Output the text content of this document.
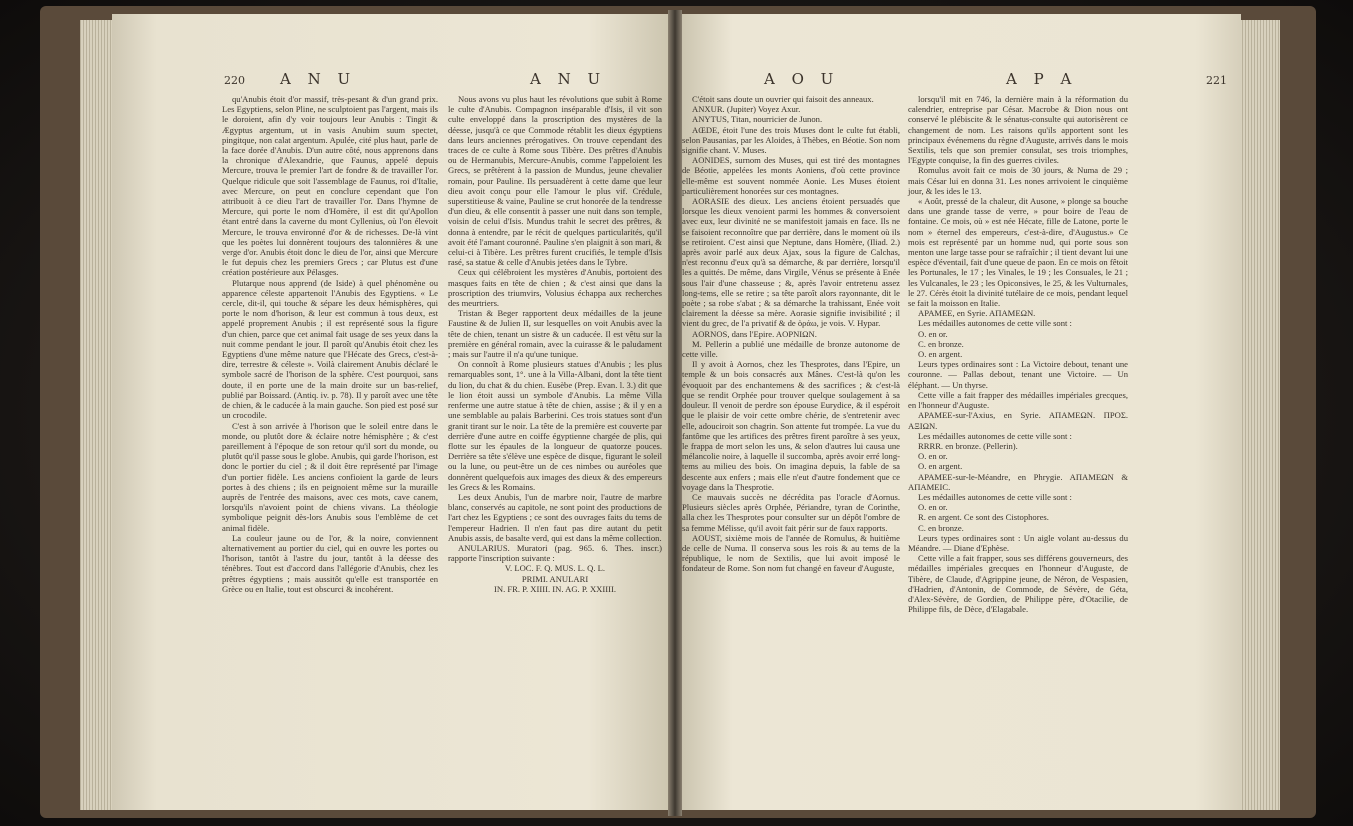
220 A N U	A N U

qu'Anubis étoit d'or massif, très-pesant & d'un grand prix. Les Egyptiens, selon Pline, ne sculptoient pas l'argent, mais ils le doroient, afin d'y voir toujours leur Anubis : Tingit & Ægyptus argentum, ut in vasis Anubim suum spectet, pingitque, non calat argentum. Apulée, cité plus haut, parle de la face dorée d'Anubis. D'un autre côté, nous apprenons dans la chronique d'Alexandrie, que Faunus, appelé depuis Mercure, trouva le premier l'art de fondre & de travailler l'or. Quelque ridicule que soit l'assemblage de Faunus, roi d'Italie, avec Mercure, on peut en conclure cependant que l'on attribuoit à ce dieu l'art de travailler l'or. Dans l'hymne de Mercure, qui porte le nom d'Homère, il est dit qu'Apollon étant entré dans la caverne du mont Cyllenius, où l'on élevoit Mercure, le trouva environné d'or & de richesses. De-là vint que les poètes lui donnèrent toujours des talonnières & une verge d'or. Anubis étoit donc le dieu de l'or, ainsi que Mercure le fut depuis chez les premiers Grecs ; car Plutus est d'une création postérieure aux Pélasges.

Plutarque nous apprend (de Iside) à quel phénomène ou apparence céleste appartenoit l'Anubis des Egyptiens. « Le cercle, dit-il, qui touche & sépare les deux hémisphères, qui porte le nom d'horison, & leur est commun à tous deux, est appelé proprement Anubis ; il est représenté sous la figure d'un chien, parce que cet animal fait usage de ses yeux dans la nuit comme pendant le jour. Il paroît qu'Anubis étoit chez les Egyptiens d'une même nature que l'Hécate des Grecs, c'est-à-dire, terrestre & céleste ». Voilà clairement Anubis déclaré le symbole sacré de l'horison de la sphère. C'est pourquoi, sans doute, il en porte une de la main droite sur un bas-relief, publié par Boissard. (Antiq. iv. p. 78). Il y paroît avec une tête de chien, & le caducée à la main gauche. Son pied est posé sur un crocodile.

C'est à son arrivée à l'horison que le soleil entre dans le monde, ou plutôt dore & éclaire notre hémisphère ; & c'est pareillement à l'époque de son retour qu'il sort du monde, ou plutôt qu'il passe sous le globe. Anubis, qui garde l'horison, est donc le portier du ciel ; & il doit être représenté par l'image d'un portier fidèle. Les anciens confioient la garde de leurs portes à des chiens ; ils en peignoient même sur la muraille auprès de l'entrée des maisons, avec ces mots, cave canem, lorsqu'ils n'avoient point de chiens vivans. La théologie symbolique peignit dès-lors Anubis sous l'emblème de cet animal fidèle.

La couleur jaune ou de l'or, & la noire, conviennent alternativement au portier du ciel, qui en ouvre les portes ou l'horison, tantôt à l'astre du jour, tantôt à la déesse des ténèbres. Tout est d'accord dans l'allégorie d'Anubis, chez les prêtres égyptiens ; mais aussitôt qu'elle est transportée en Grèce ou en Italie, tout est obscurci & incohérent.

Nous avons vu plus haut les révolutions que subit à Rome le culte d'Anubis. Compagnon inséparable d'Isis, il vit son culte enveloppé dans la proscription des mystères de la déesse, jusqu'à ce que Commode rétablit les dieux égyptiens dans leurs anciennes prérogatives. On trouve cependant des traces de ce culte à Rome sous Tibère. Des prêtres d'Anubis ou de Hermanubis, Mercure-Anubis, comme l'appeloient les Grecs, se prêtèrent à la passion de Mundus, jeune chevalier romain, pour Pauline. Ils persuadèrent à cette dame que leur dieu avoit conçu pour elle l'amour le plus vif. Crédule, superstitieuse & vaine, Pauline se crut honorée de la tendresse d'un dieu, & elle consentit à passer une nuit dans son temple, voisin de celui d'Isis. Mundus trahit le secret des prêtres, & donna à entendre, par le récit de quelques particularités, qu'il avoit été l'amant couronné. Pauline s'en plaignit à son mari, & celui-ci à Tibère. Les prêtres furent crucifiés, le temple d'Isis rasé, sa statue & celle d'Anubis jetées dans le Tybre.

Ceux qui célébroient les mystères d'Anubis, portoient des masques faits en tête de chien ; & c'est ainsi que dans la proscription des triumvirs, Volusius échappa aux recherches des meurtriers.

Tristan & Beger rapportent deux médailles de la jeune Faustine & de Julien II, sur lesquelles on voit Anubis avec la tête de chien, tenant un sistre & un caducée. Il est vêtu sur la première en général romain, avec la cuirasse & le paludament ; mais sur l'autre il n'a qu'une tunique.

On connoît à Rome plusieurs statues d'Anubis ; les plus remarquables sont, 1°. une à la Villa-Albani, dont la tête tient du lion, du chat & du chien. Eusèbe (Prep. Evan. l. 3.) dit que le lion étoit aussi un symbole d'Anubis. La même Villa renferme une autre statue à tête de chien, assise ; & il y en a une semblable au palais Barberini. Ces trois statues sont d'un granit tirant sur le noir. La tête de la première est couverte par derrière d'une autre en coiffe égyptienne chargée de plis, qui flotte sur les épaules de la longueur de quatorze pouces. Derrière sa tête s'élève une espèce de disque, figurant le soleil ou la lune, ou peut-être un de ces nimbes ou auréoles que donnèrent quelquefois aux images des dieux & des empereurs les Grecs & les Romains.

Les deux Anubis, l'un de marbre noir, l'autre de marbre blanc, conservés au capitole, ne sont point des productions de l'art chez les Egyptiens ; ce sont des ouvrages faits du tems de l'empereur Hadrien. Il n'en faut pas dire autant du petit Anubis assis, de basalte verd, qui est dans la même collection.

ANULARIUS. Muratori (pag. 965. 6. Thes. inscr.) rapporte l'inscription suivante :

V. LOC. F. Q. MUS. L. Q. L.

PRIMI. ANULARI

IN. FR. P. XIIII. IN. AG. P. XXIIII.

A O U	A P A	221

C'étoit sans doute un ouvrier qui faisoit des anneaux.

ANXUR. (Jupiter) Voyez Axur.

ANYTUS, Titan, nourricier de Junon.

AŒDE, étoit l'une des trois Muses dont le culte fut établi, selon Pausanias, par les Aloides, à Thèbes, en Béotie. Son nom signifie chant. V. Muses.

AONIDES, surnom des Muses, qui est tiré des montagnes de Béotie, appelées les monts Aoniens, d'où cette province elle-même est souvent nommée Aonie. Les Muses étoient particulièrement honorées sur ces montagnes.

AORASIE des dieux. Les anciens étoient persuadés que lorsque les dieux venoient parmi les hommes & conversoient avec eux, leur divinité ne se manifestoit jamais en face. Ils ne se faisoient reconnoître que par derrière, dans le moment où ils se retiroient. C'est ainsi que Neptune, dans Homère, (Iliad. 2.) après avoir parlé aux deux Ajax, sous la figure de Calchas, n'est reconnu d'eux qu'à sa démarche, & par derrière, lorsqu'il les a quittés. De même, dans Virgile, Vénus se présente à Enée sous l'air d'une chasseuse ; &, après l'avoir entretenu assez long-tems, elle se retire ; sa tête paroît alors rayonnante, dit le poète ; sa robe s'abat ; & sa démarche la trahissant, Enée voit clairement la déesse sa mère. Aorasie signifie invisibilité ; il vient du grec, de l'a privatif & de ὁράω, je vois. V. Hypar.

AORNOS, dans l'Epire. AOPNIΩN.

M. Pellerin a publié une médaille de bronze autonome de cette ville.

Il y avoit à Aornos, chez les Thesprotes, dans l'Epire, un temple & un bois consacrés aux Mânes. C'est-là qu'on les évoquoit par des enchantemens & des sacrifices ; & c'est-là que se rendit Orphée pour trouver quelque soulagement à sa douleur. Il venoit de perdre son épouse Eurydice, & il espéroit que le plaisir de voir cette ombre chérie, de s'entretenir avec elle, adouciroit son chagrin. Son attente fut trompée. La vue du fantôme que les artifices des prêtres firent paroître à ses yeux, le frappa de mort selon les uns, & selon d'autres lui causa une mélancolie noire, à laquelle il succomba, après avoir erré long-tems au milieu des bois. On imagina depuis, la fable de sa descente aux enfers ; mais elle n'eut d'autre fondement que ce voyage dans la Thesprotie.

Ce mauvais succès ne décrédita pas l'oracle d'Aornus. Plusieurs siècles après Orphée, Périandre, tyran de Corinthe, alla chez les Thesprotes pour consulter sur un dépôt l'ombre de sa femme Mélisse, qu'il avoit fait périr sur de faux rapports.

AOUST, sixième mois de l'année de Romulus, & huitième de celle de Numa. Il conserva sous les rois & au tems de la république, le nom de Sextilis, que lui avoit imposé le fondateur de Rome. Son nom fut changé en faveur d'Auguste,

lorsqu'il mit en 746, la dernière main à la réformation du calendrier, entreprise par César. Macrobe & Dion nous ont conservé le plébiscite & le sénatus-consulte qui autorisèrent ce changement de nom. Les raisons qu'ils apportent sont les principaux événemens du règne d'Auguste, arrivés dans le mois Sextilis, tels que son premier consulat, ses trois triomphes, l'Egypte conquise, la fin des guerres civiles.

Romulus avoit fait ce mois de 30 jours, & Numa de 29 ; mais César lui en donna 31. Les nones arrivoient le cinquième jour, & les ides le 13.

« Août, pressé de la chaleur, dit Ausone, » plonge sa bouche dans une grande tasse de verre, » pour boire de l'eau de fontaine. Ce mois, où » est née Hécate, fille de Latone, porte le nom » éternel des empereurs, c'est-à-dire, d'Augustus.» Ce mois est représenté par un homme nud, qui porte sous son menton une large tasse pour se rafraîchir ; il tient devant lui une espèce d'éventail, fait d'une queue de paon. En ce mois on fêtoit les Portunales, le 17 ; les Vinales, le 19 ; les Consuales, le 21 ; les Vulcanales, le 23 ; les Opiconsives, le 25, & les Vulturnales, le 27. Cérès étoit la divinité tutélaire de ce mois, pendant lequel se fait la moisson en Italie.

APAMEE, en Syrie. AΠAMEΩN.

Les médailles autonomes de cette ville sont :

O. en or.

C. en bronze.

O. en argent.

Leurs types ordinaires sont : La Victoire debout, tenant une couronne. — Pallas debout, tenant une Victoire. — Un éléphant. — Un thyrse.

Cette ville a fait frapper des médailles impériales grecques, en l'honneur d'Auguste.

APAMEE-sur-l'Axius, en Syrie. AΠAMEΩN. ΠPOΣ. AΞIΩN.

Les médailles autonomes de cette ville sont :

RRRR. en bronze. (Pellerin).

O. en or.

O. en argent.

APAMEE-sur-le-Méandre, en Phrygie. AΠAMEΩN & AΠAMEIC.

Les médailles autonomes de cette ville sont :

O. en or.

R. en argent. Ce sont des Cistophores.

C. en bronze.

Leurs types ordinaires sont : Un aigle volant au-dessus du Méandre. — Diane d'Ephèse.

Cette ville a fait frapper, sous ses différens gouverneurs, des médailles impériales grecques en l'honneur d'Auguste, de Tibère, de Claude, d'Agrippine jeune, de Néron, de Vespasien, d'Hadrien, d'Antonin, de Commode, de Sévère, de Géta, d'Alex-Sévère, de Gordien, de Philippe père, d'Otacilie, de Philippe fils, de Dèce, d'Elagabale.
